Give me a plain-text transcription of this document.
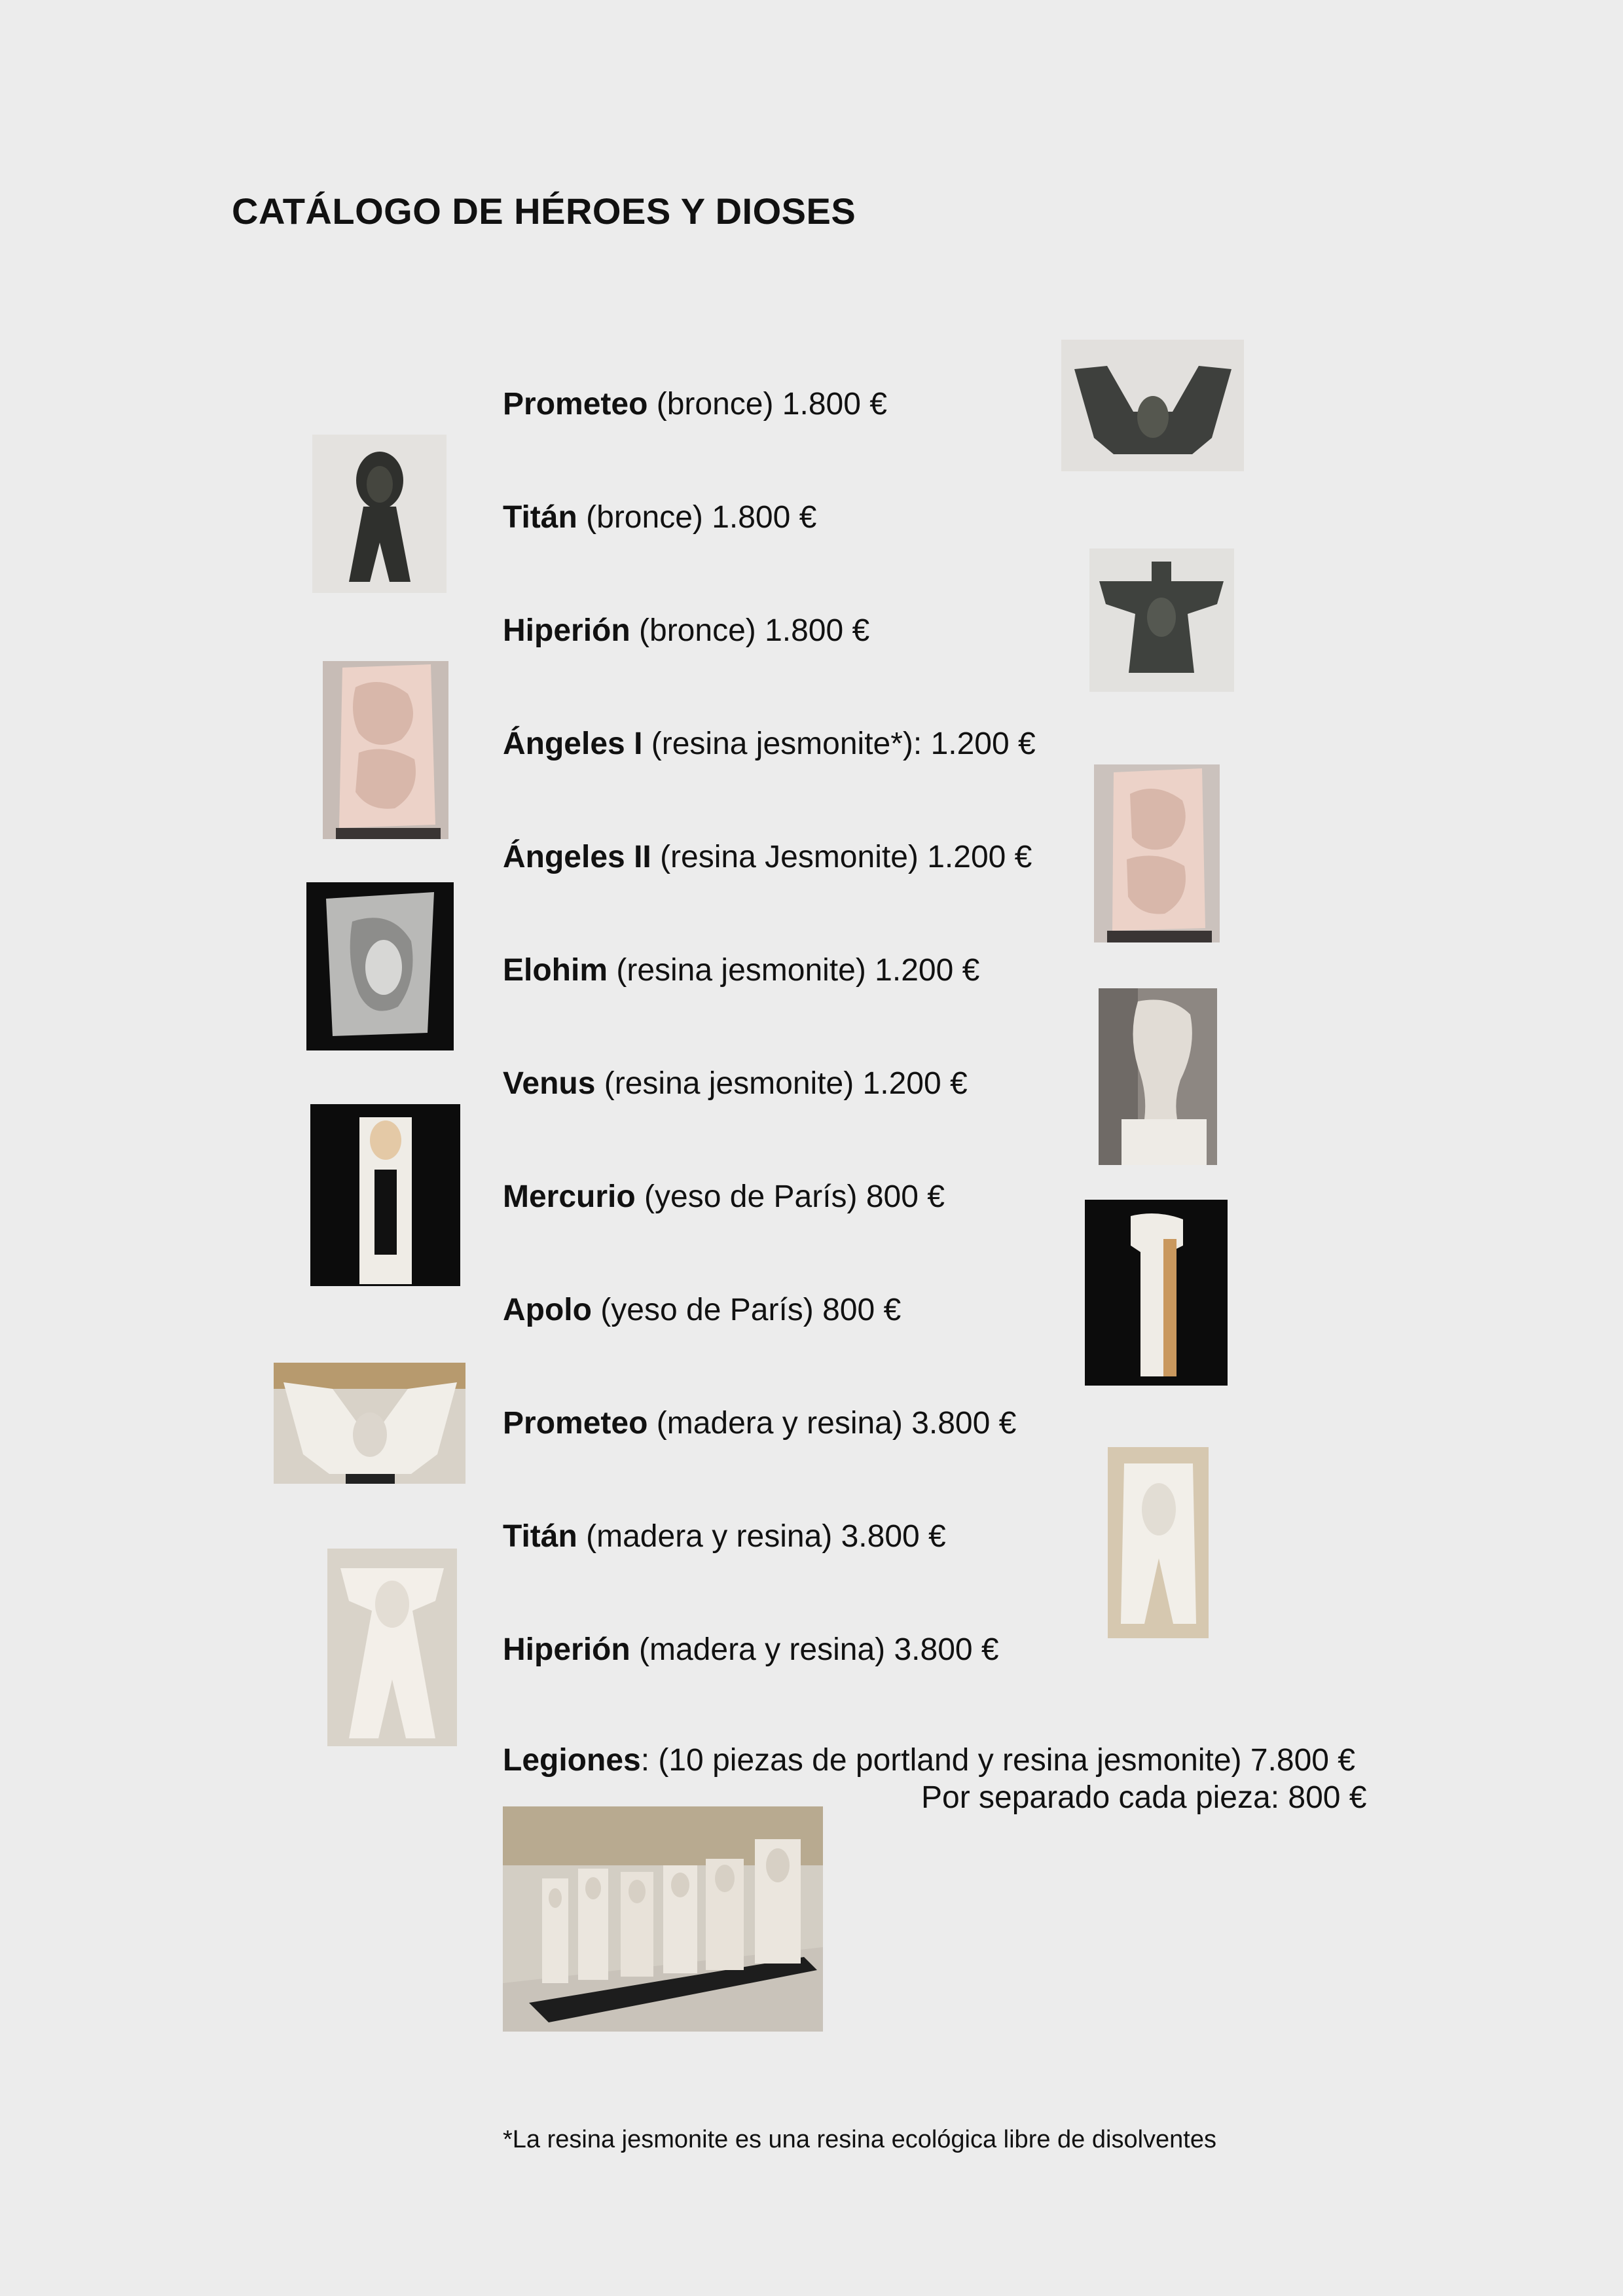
CATÁLOGO DE HÉROES Y DIOSES
Prometeo (bronce) 1.800 €
Titán (bronce) 1.800 €
Hiperión (bronce) 1.800 €
Ángeles I (resina jesmonite*): 1.200 €
Ángeles II (resina Jesmonite) 1.200 €
Elohim (resina jesmonite) 1.200 €
Venus (resina jesmonite) 1.200 €
Mercurio (yeso de París) 800 €
Apolo (yeso de París) 800 €
Prometeo (madera y resina) 3.800 €
Titán (madera y resina) 3.800 €
Hiperión (madera y resina) 3.800 €
Legiones: (10 piezas de portland y resina jesmonite) 7.800 €
Por separado cada pieza: 800 €
*La resina jesmonite es una resina ecológica libre de disolventes
